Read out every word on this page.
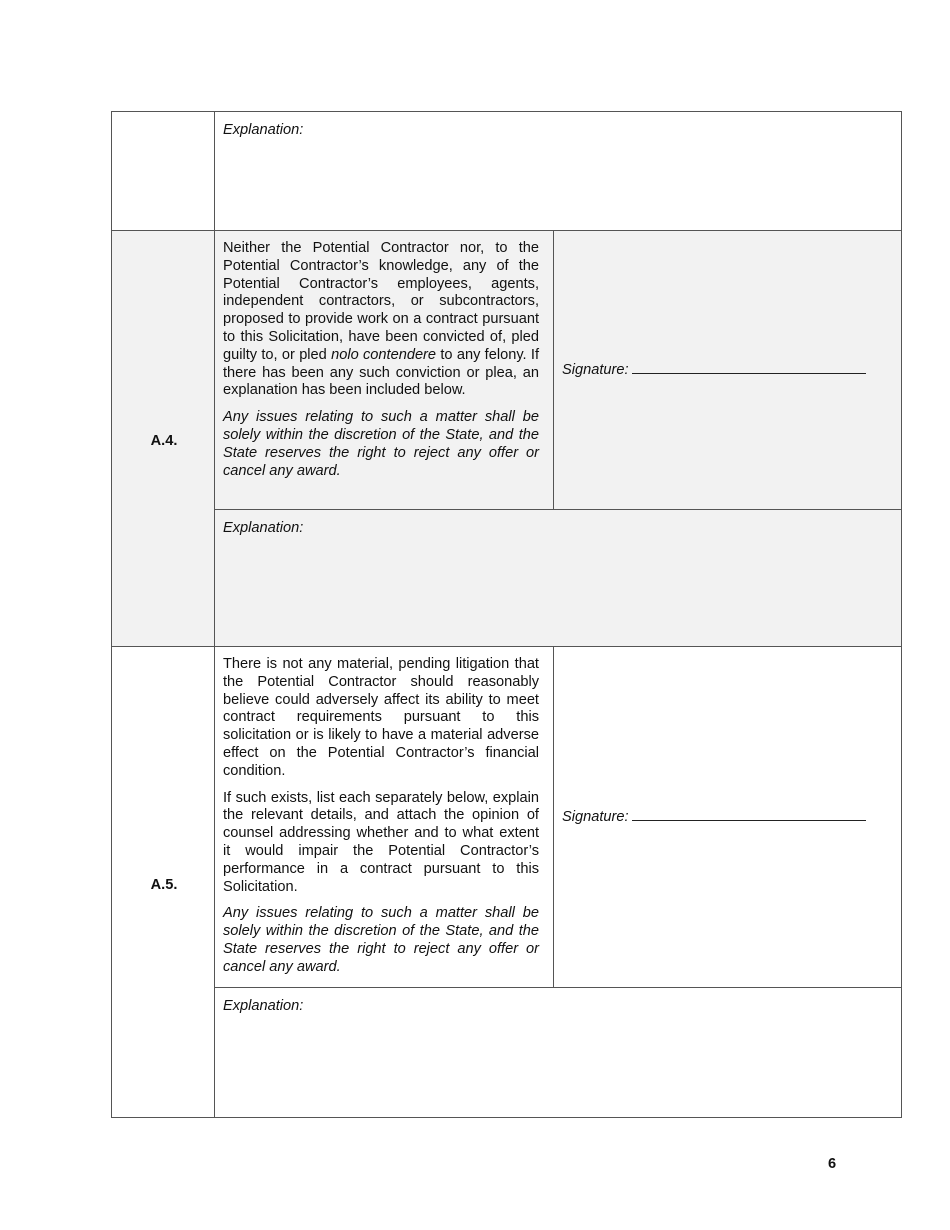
Explanation:
A.4.
Explanation:

Neither the Potential Contractor nor, to the Potential Contractor’s knowledge, any of the Potential Contractor’s employees, agents, independent contractors, or subcontractors, proposed to provide work on a contract pursuant to this Solicitation, have been convicted of, pled guilty to, or pled nolo contendere to any felony. If there has been any such conviction or plea, an explanation has been included below.

Any issues relating to such a matter shall be solely within the discretion of the State, and the State reserves the right to reject any offer or cancel any award.

Signature:
A.5.
Explanation:

There is not any material, pending litigation that the Potential Contractor should reasonably believe could adversely affect its ability to meet contract requirements pursuant to this solicitation or is likely to have a material adverse effect on the Potential Contractor’s financial condition.

If such exists, list each separately below, explain the relevant details, and attach the opinion of counsel addressing whether and to what extent it would impair the Potential Contractor’s performance in a contract pursuant to this Solicitation.

Any issues relating to such a matter shall be solely within the discretion of the State, and the State reserves the right to reject any offer or cancel any award.

Signature:
6
